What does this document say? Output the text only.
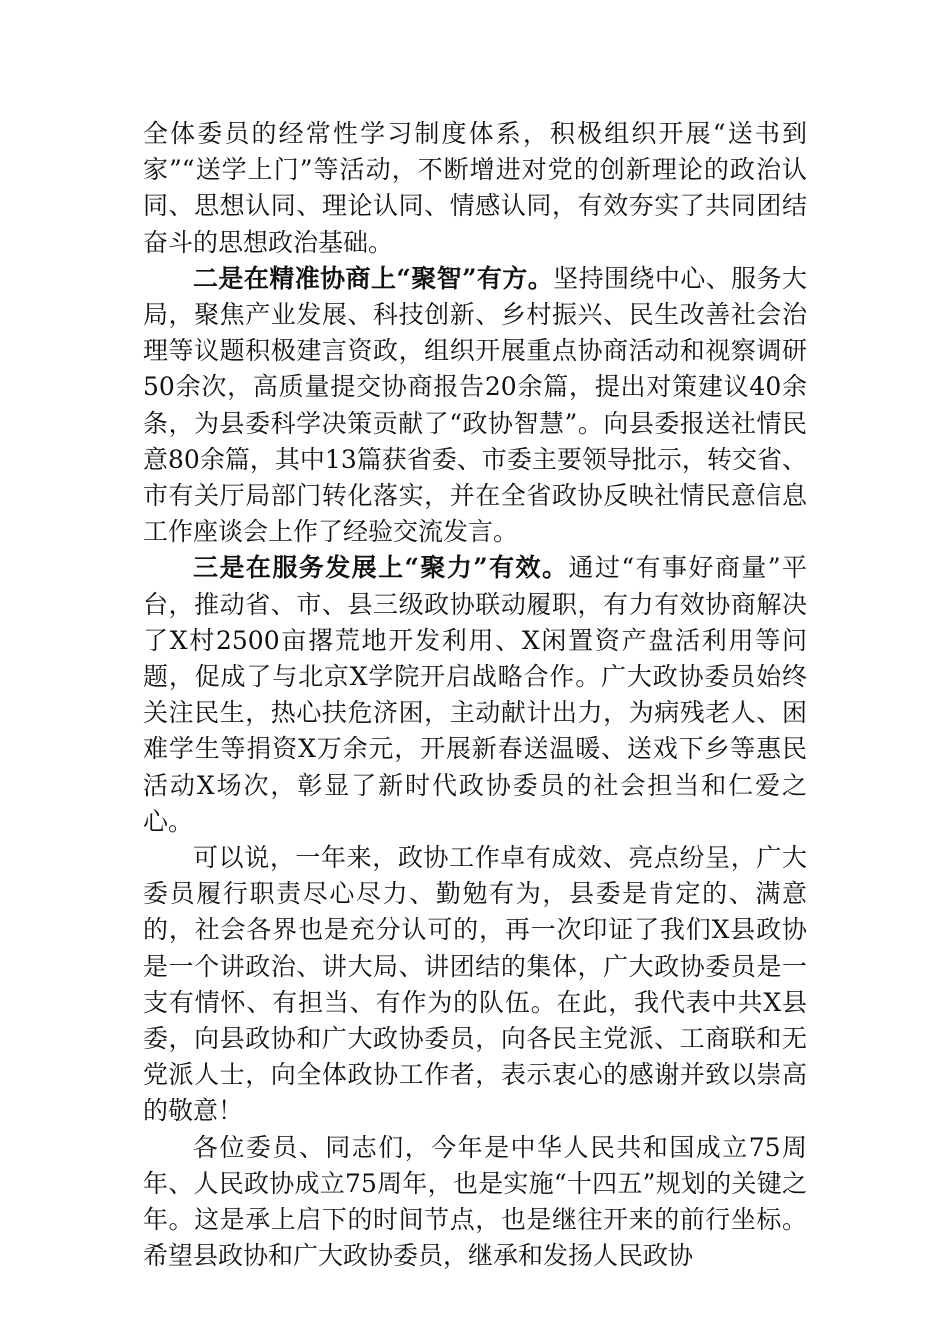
全体委员的经常性学习制度体系，积极组织开展“送书到家”“送学上门”等活动，不断增进对党的创新理论的政治认同、思想认同、理论认同、情感认同，有效夯实了共同团结奋斗的思想政治基础。

二是在精准协商上“聚智”有方。坚持围绕中心、服务大局，聚焦产业发展、科技创新、乡村振兴、民生改善社会治理等议题积极建言资政，组织开展重点协商活动和视察调研50余次，高质量提交协商报告20余篇，提出对策建议40余条，为县委科学决策贡献了“政协智慧”。向县委报送社情民意80余篇，其中13篇获省委、市委主要领导批示，转交省、市有关厅局部门转化落实，并在全省政协反映社情民意信息工作座谈会上作了经验交流发言。

三是在服务发展上“聚力”有效。通过“有事好商量”平台，推动省、市、县三级政协联动履职，有力有效协商解决了X村2500亩撂荒地开发利用、X闲置资产盘活利用等问题，促成了与北京X学院开启战略合作。广大政协委员始终关注民生，热心扶危济困，主动献计出力，为病残老人、困难学生等捐资X万余元，开展新春送温暖、送戏下乡等惠民活动X场次，彰显了新时代政协委员的社会担当和仁爱之心。

可以说，一年来，政协工作卓有成效、亮点纷呈，广大委员履行职责尽心尽力、勤勉有为，县委是肯定的、满意的，社会各界也是充分认可的，再一次印证了我们X县政协是一个讲政治、讲大局、讲团结的集体，广大政协委员是一支有情怀、有担当、有作为的队伍。在此，我代表中共X县委，向县政协和广大政协委员，向各民主党派、工商联和无党派人士，向全体政协工作者，表示衷心的感谢并致以崇高的敬意！

各位委员、同志们，今年是中华人民共和国成立75周年、人民政协成立75周年，也是实施“十四五”规划的关键之年。这是承上启下的时间节点，也是继往开来的前行坐标。希望县政协和广大政协委员，继承和发扬人民政协
